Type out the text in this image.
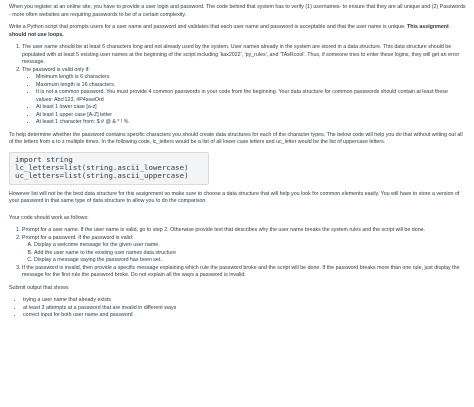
When you register at an online site, you have to provide a user login and password. The code behind that system has to verify (1) usernames- to ensure that they are all unique and (2) Passwords - more often websites are requiring passwords to be of a certain complexity.

Write a Python script that prompts users for a user name and password and validates that each user name and password is acceptable and that the user name is unique. This assignment should not use loops.

1. The user name should be at least 6 characters long and not already used by the system. User names already in the system are stored in a data structure. This data structure should be populated with at least 5 existing user names at the beginning of the script including 'kax2022', 'py_rules', and 'TAsRcool'. Thus, if someone tries to enter these logins, they will get an error message.
2. The password is valid only if:
• Minimum length is 6 characters.
• Maximum length is 16 characters.
• It is not a common password. You must provide 4 common passwords in your code from the beginning. Your data structure for common passwords should contain at least these values: Abc!123, #P4sswOrd
• At least 1 lower case [a-z]
• At least 1 upper case [A-Z] letter
• At least 1 character from: $ # @ & * ! %

To help determine whether the password contains specific characters you should create data structures for each of the character types. The below code will help you do that without writing out all of the letters from a to z multiple times. In the following code, lc_letters would be a list of all lower case letters and uc_letter would be the list of uppercase letters.

import string
lc_letters=list(string.ascii_lowercase)
uc_letters=list(string.ascii_uppercase)

However list will not be the best data structure for this assignment so make sure to choose a data structure that will help you look for common elements easily. You will have to store a version of your password in that same type of data structure to allow you to do the comparison.

Your code should work as follows:

1. Prompt for a user name. If the user name is valid, go to step 2. Otherwise provide text that describes why the user name breaks the system rules and the script will be done.
2. Prompt for a password. If the password is valid:
A. Display a welcome message for the given user name.
B. Add the user name to the existing user names data structure
C. Display a message saying the password has been set.
3. If the password is invalid, then provide a specific message explaining which rule the password broke and the script will be done. If the password breaks more than one rule, just display the message for the first rule the password broke. Do not explain all the ways a password is invalid.

Submit output that shows

• trying a user name that already exists
• at least 3 attempts at a password that are invalid in different ways
• correct input for both user name and password
